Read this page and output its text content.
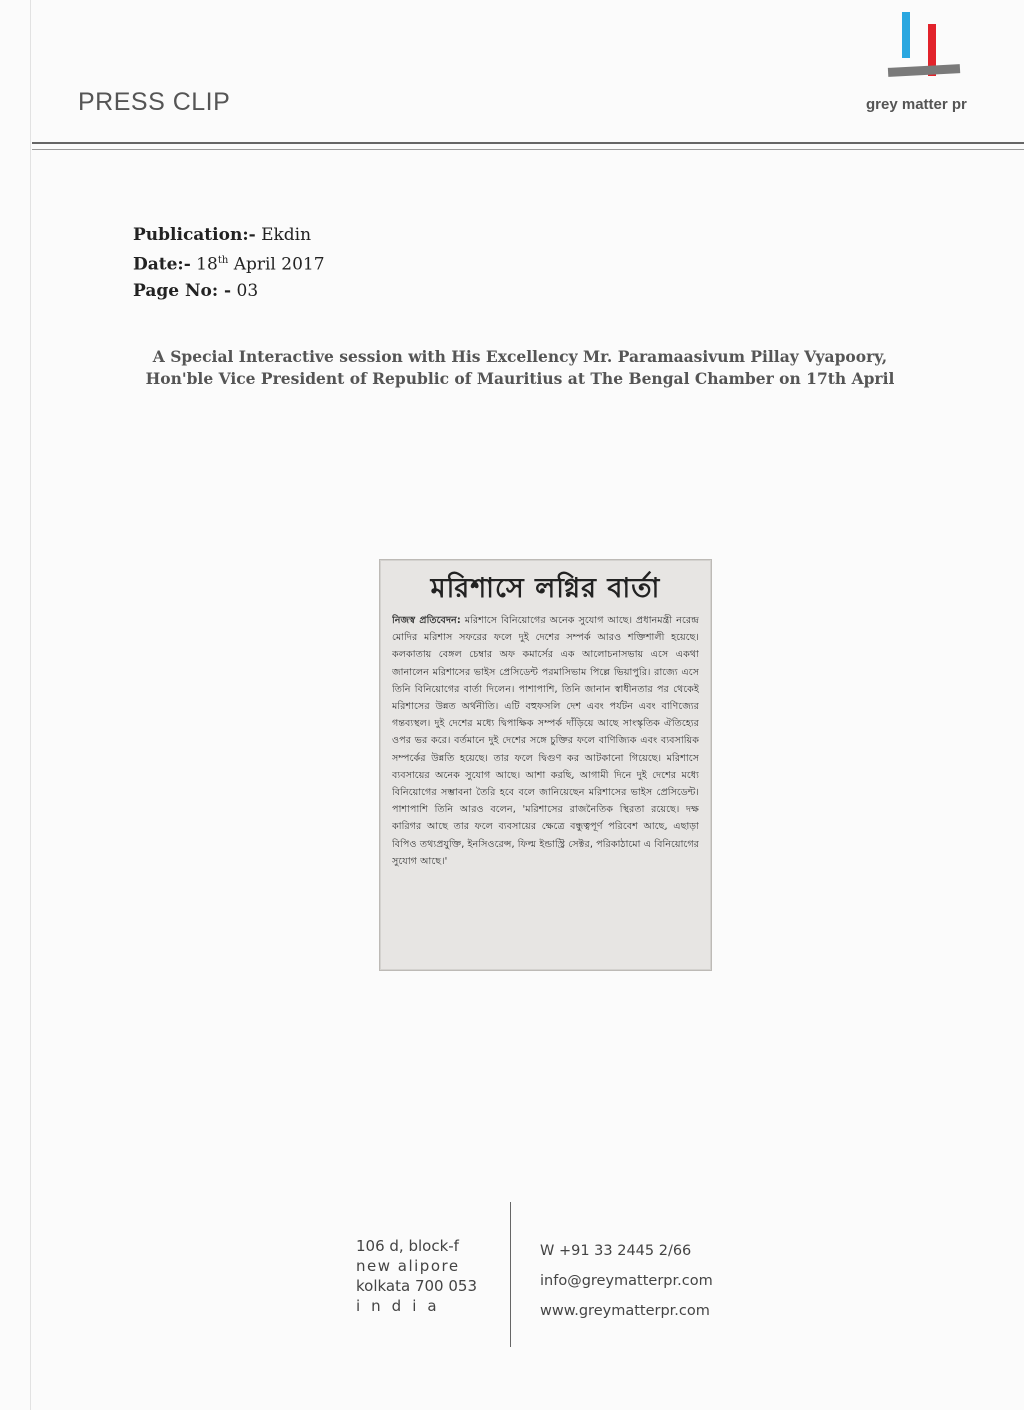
PRESS CLIP	grey matter pr
Publication:- Ekdin
Date:- 18th April 2017
Page No: - 03
A Special Interactive session with His Excellency Mr. Paramaasivum Pillay Vyapoory,
Hon'ble Vice President of Republic of Mauritius at The Bengal Chamber on 17th April
মরিশাসে লগ্নির বার্তা
নিজস্ব প্রতিবেদন: মরিশাসে বিনিয়োগের অনেক সুযোগ আছে। প্রধানমন্ত্রী নরেন্দ্র মোদির মরিশাস সফরের ফলে দুই দেশের সম্পর্ক আরও শক্তিশালী হয়েছে। কলকাতায় বেঙ্গল চেম্বার অফ কমার্সের এক আলোচনাসভায় এসে একথা জানালেন মরিশাসের ভাইস প্রেসিডেন্ট পরমাসিভাম পিল্লে ভিয়াপুরি। রাজ্যে এসে তিনি বিনিয়োগের বার্তা দিলেন। পাশাপাশি, তিনি জানান স্বাধীনতার পর থেকেই মরিশাসের উন্নত অর্থনীতি। এটি বহুফসলি দেশ এবং পর্যটন এবং বাণিজ্যের গন্তব্যস্থল। দুই দেশের মধ্যে দ্বিপাক্ষিক সম্পর্ক দাঁড়িয়ে আছে সাংস্কৃতিক ঐতিহ্যের ওপর ভর করে। বর্তমানে দুই দেশের সঙ্গে চুক্তির ফলে বাণিজ্যিক এবং ব্যবসায়িক সম্পর্কের উন্নতি হয়েছে। তার ফলে দ্বিগুণ কর আটকানো গিয়েছে। মরিশাসে ব্যবসায়ের অনেক সুযোগ আছে। আশা করছি, আগামী দিনে দুই দেশের মধ্যে বিনিয়োগের সম্ভাবনা তৈরি হবে বলে জানিয়েছেন মরিশাসের ভাইস প্রেসিডেন্ট। পাশাপাশি তিনি আরও বলেন, 'মরিশাসের রাজনৈতিক স্থিরতা রয়েছে। দক্ষ কারিগর আছে তার ফলে ব্যবসায়ের ক্ষেত্রে বন্ধুত্বপূর্ণ পরিবেশ আছে, এছাড়া বিপিও তথ্যপ্রযুক্তি, ইনসিওরেন্স, ফিল্ম ইন্ডাস্ট্রি সেক্টর, পরিকাঠামো এ বিনিয়োগের সুযোগ আছে।'
106 d, block-f
new alipore
kolkata 700 053
india
W +91 33 2445 2/66
info@greymatterpr.com
www.greymatterpr.com
